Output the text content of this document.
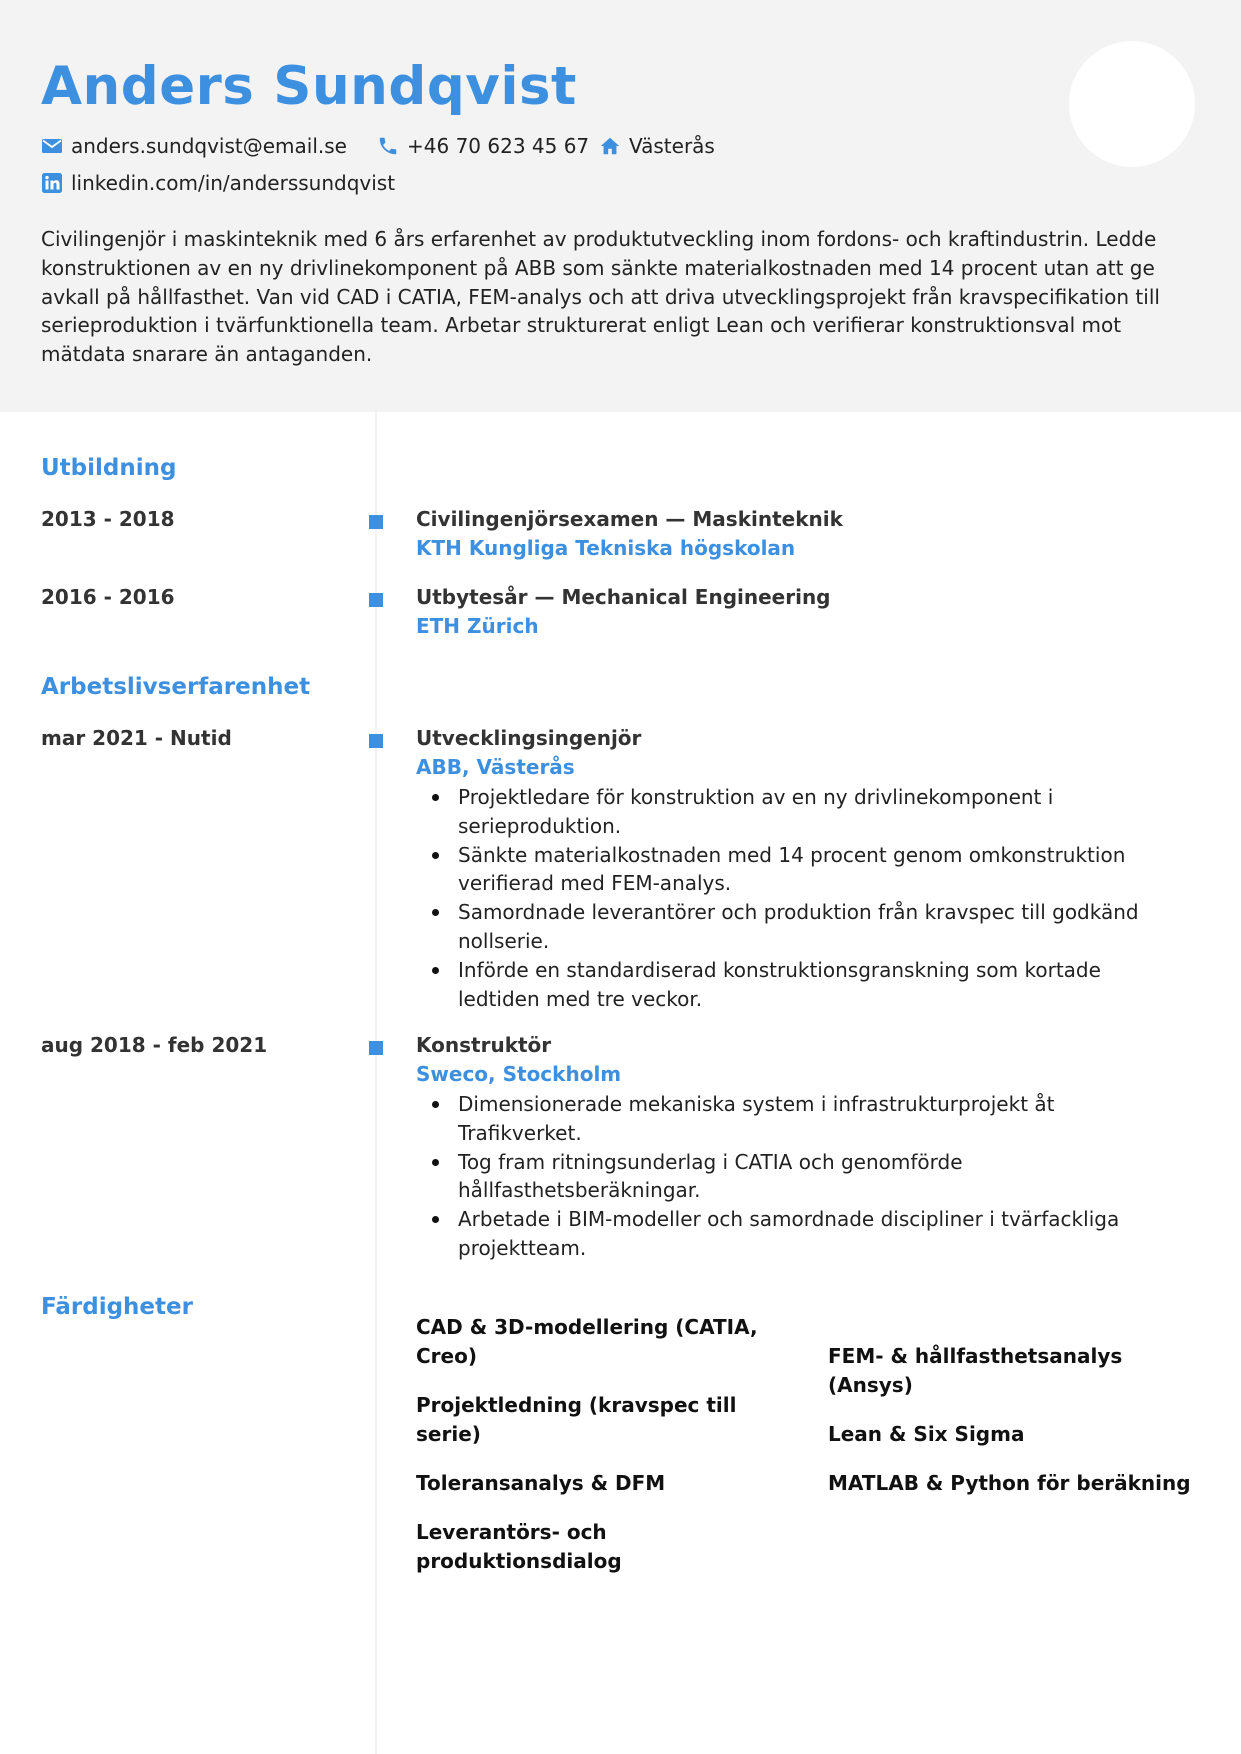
Anders Sundqvist
anders.sundqvist@email.se	+46 70 623 45 67 Västerås
linkedin.com/in/anderssundqvist
Civilingenjör i maskinteknik med 6 års erfarenhet av produktutveckling inom fordons- och kraftindustrin. Ledde konstruktionen av en ny drivlinekomponent på ABB som sänkte materialkostnaden med 14 procent utan att ge avkall på hållfasthet. Van vid CAD i CATIA, FEM-analys och att driva utvecklingsprojekt från kravspecifikation till serieproduktion i tvärfunktionella team. Arbetar strukturerat enligt Lean och verifierar konstruktionsval mot mätdata snarare än antaganden.
Utbildning
2013 - 2018	Civilingenjörsexamen — Maskinteknik
KTH Kungliga Tekniska högskolan
2016 - 2016	Utbytesår — Mechanical Engineering
ETH Zürich
Arbetslivserfarenhet
mar 2021 - Nutid	Utvecklingsingenjör
ABB, Västerås
Projektledare för konstruktion av en ny drivlinekomponent i serieproduktion.
Sänkte materialkostnaden med 14 procent genom omkonstruktion verifierad med FEM-analys.
Samordnade leverantörer och produktion från kravspec till godkänd nollserie.
Införde en standardiserad konstruktionsgranskning som kortade ledtiden med tre veckor.
aug 2018 - feb 2021	Konstruktör
Sweco, Stockholm
Dimensionerade mekaniska system i infrastrukturprojekt åt Trafikverket.
Tog fram ritningsunderlag i CATIA och genomförde hållfasthetsberäkningar.
Arbetade i BIM-modeller och samordnade discipliner i tvärfackliga projektteam.
Färdigheter
CAD & 3D-modellering (CATIA, Creo)	FEM- & hållfasthetsanalys (Ansys)
Projektledning (kravspec till serie)	Lean & Six Sigma
Toleransanalys & DFM	MATLAB & Python för beräkning
Leverantörs- och produktionsdialog
